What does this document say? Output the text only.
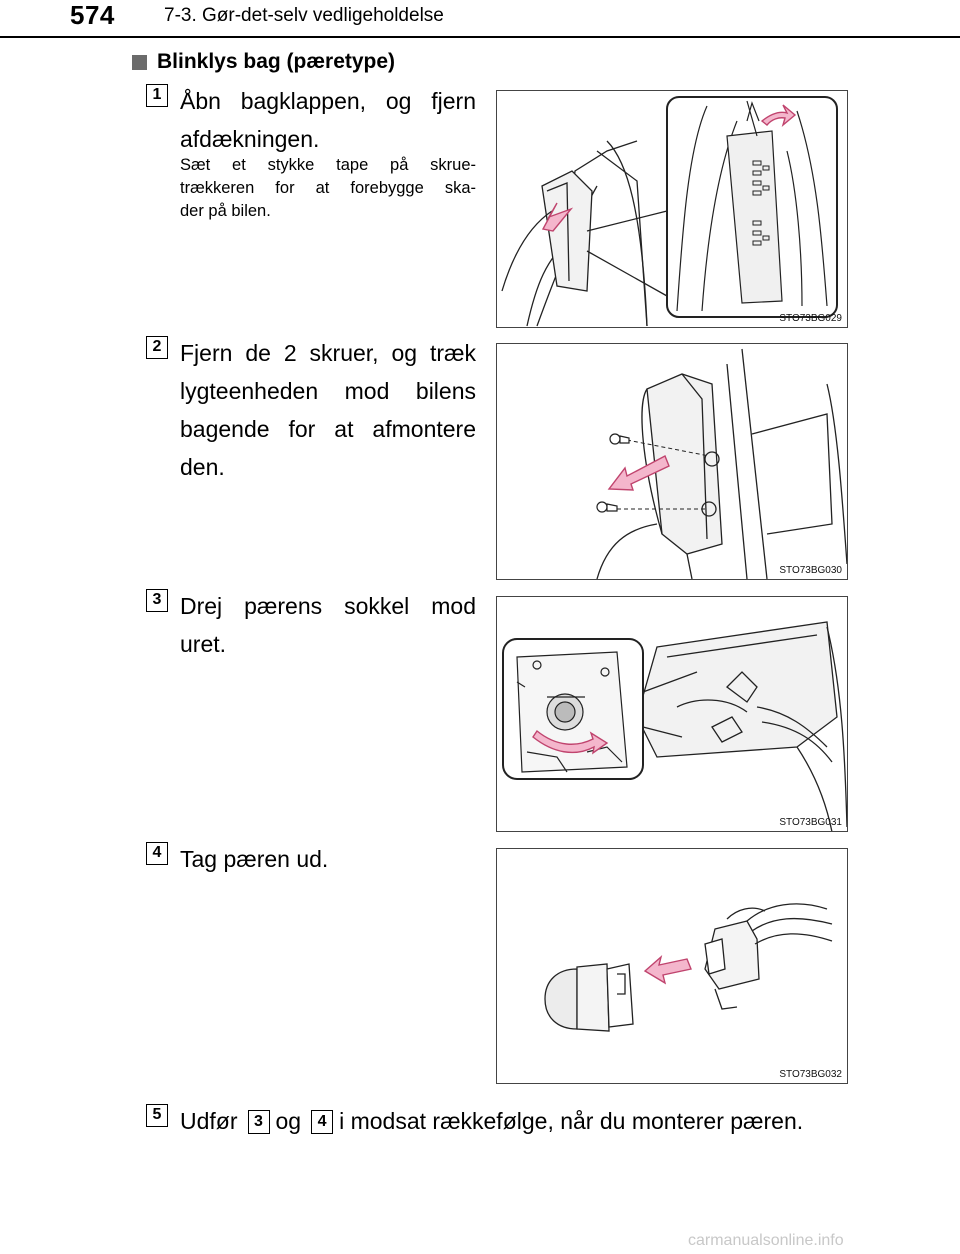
574	7-3. Gør-det-selv vedligeholdelse
Blinklys bag (pæretype)
1 Åbn bagklappen, og fjern
afdækningen.
Sæt et stykke tape på skrue-
trækkeren for at forebygge ska-
der på bilen.
STO73BG029
2 Fjern de 2 skruer, og træk
lygteenheden mod bilens
bagende for at afmontere
den.
STO73BG030
3 Drej pærens sokkel mod
uret.
STO73BG031
4 Tag pæren ud.
STO73BG032
5 Udfør	3 og	4 i modsat rækkefølge, når du monterer pæren.
carmanualsonline.info
